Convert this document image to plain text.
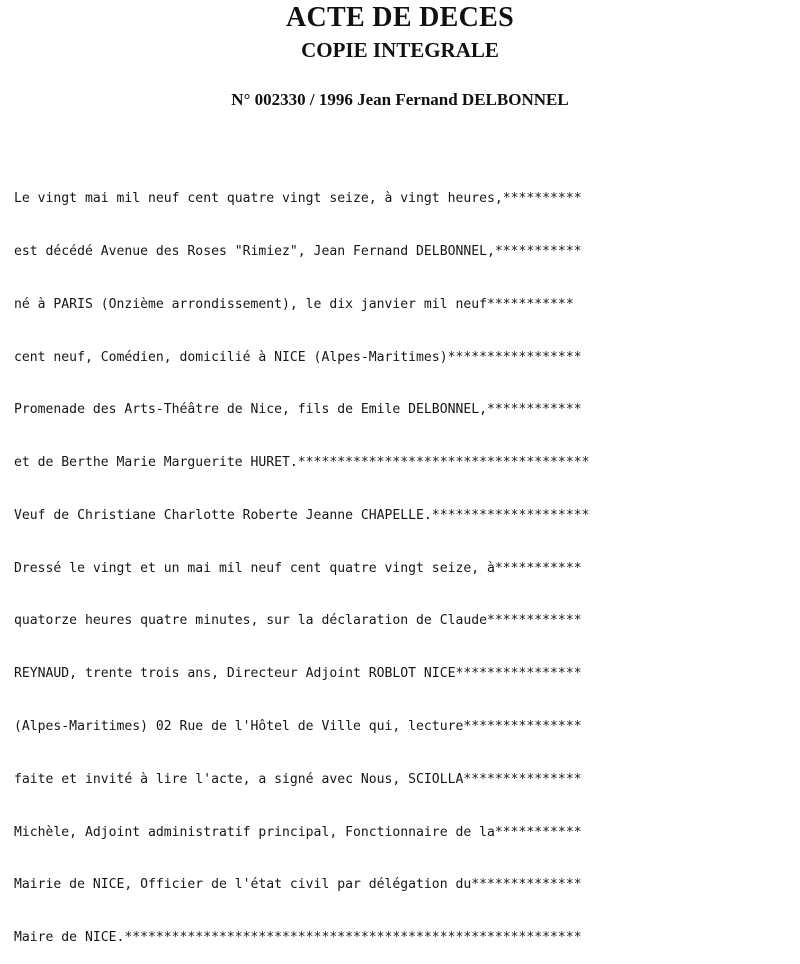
ACTE DE DECES
COPIE INTEGRALE
N° 002330 / 1996 Jean Fernand DELBONNEL

Le vingt mai mil neuf cent quatre vingt seize, à vingt heures,**********

est décédé Avenue des Roses "Rimiez", Jean Fernand DELBONNEL,***********

né à PARIS (Onzième arrondissement), le dix janvier mil neuf***********

cent neuf, Comédien, domicilié à NICE (Alpes-Maritimes)*****************

Promenade des Arts-Théâtre de Nice, fils de Emile DELBONNEL,************

et de Berthe Marie Marguerite HURET.*************************************

Veuf de Christiane Charlotte Roberte Jeanne CHAPELLE.********************

Dressé le vingt et un mai mil neuf cent quatre vingt seize, à***********

quatorze heures quatre minutes, sur la déclaration de Claude************

REYNAUD, trente trois ans, Directeur Adjoint ROBLOT NICE****************

(Alpes-Maritimes) 02 Rue de l'Hôtel de Ville qui, lecture***************

faite et invité à lire l'acte, a signé avec Nous, SCIOLLA***************

Michèle, Adjoint administratif principal, Fonctionnaire de la***********

Mairie de NICE, Officier de l'état civil par délégation du**************

Maire de NICE.**********************************************************
